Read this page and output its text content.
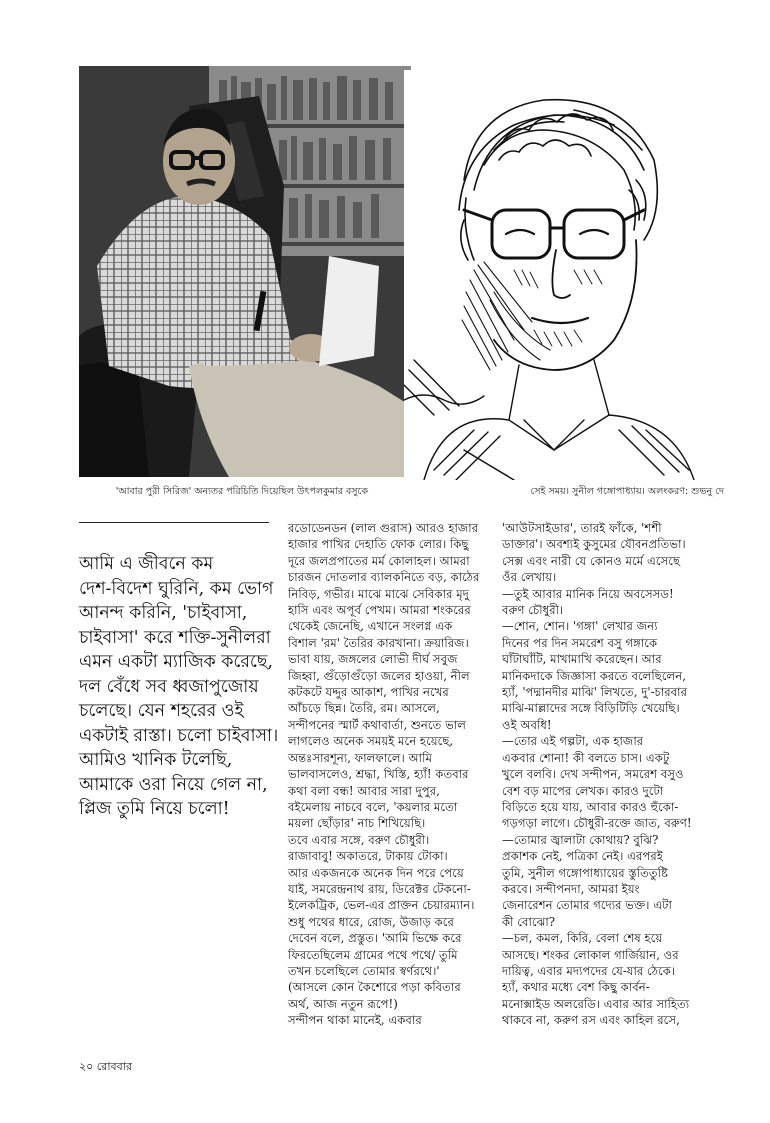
'আবার পুরী সিরিজ' অন্যতর পরিচিতি দিয়েছিল উৎপলকুমার বসুকে	সেই সময়। সুনীল গঙ্গোপাধ্যায়। অলংকরণ: শুভনু দে

আমি এ জীবনে কম

দেশ-বিদেশ ঘুরিনি, কম ভোগ

আনন্দ করিনি, 'চাইবাসা,

চাইবাসা' করে শক্তি-সুনীলরা

এমন একটা ম্যাজিক করেছে,

দল বেঁধে সব ধ্বজাপুজোয়

চলেছে। যেন শহরের ওই

একটাই রাস্তা। চলো চাইবাসা।

আমিও খানিক টলেছি,

আমাকে ওরা নিয়ে গেল না,

প্লিজ তুমি নিয়ে চলো!

রডোডেনডন (লাল গুরাস) আরও হাজার

হাজার পাখির দেহাতি ফোক লোর। কিছু

দূরে জলপ্রপাতের মর্ম কোলাহল। আমরা

চারজন দোতলার ব্যালকনিতে বড়, কাঠের

নিবিড়, গভীর। মাঝে মাঝে সেবিকার মৃদু

হাসি এবং অপূর্ব পেখম। আমরা শংকরের

থেকেই জেনেছি, এখানে সংলগ্ন এক

বিশাল 'রম' তৈরির কারখানা। ক্রয়ারিজ।

ভাবা যায়, জঙ্গলের লোভী দীর্ঘ সবুজ

জিহ্বা, গুঁড়োগুঁড়ো জলের হাওয়া, নীল

কটকটে যদ্দুর আকাশ, পাখির নখের

আঁচড়ে ছিন্ন। তৈরি, রম। আসলে,

সন্দীপনের স্মার্ট কথাবার্তা, শুনতে ভাল

লাগলেও অনেক সময়ই মনে হয়েছে,

অন্তঃসারশূন্য, ফালফালে। আমি

ভালবাসলেও, শ্রদ্ধা, খিস্তি, হ্যাঁ! কতবার

কথা বলা বন্ধ! আবার সারা দুপুর,

বইমেলায় নাচবে বলে, 'কয়লার মতো

ময়লা ছোঁড়ার' নাচ শিখিয়েছি।

তবে এবার সঙ্গে, বরুণ চৌধুরী।

রাজাবাবু! অকাতরে, টাকায় টোকা।

আর একজনকে অনেক দিন পরে পেয়ে

যাই, সমরেন্দ্রনাথ রায়, ডিরেক্টর টেকনো-

ইলেকট্রিক, ভেল-এর প্রাক্তন চেয়ারম্যান।

শুধু পথের ধারে, রোজ, উজাড় করে

দেবেন বলে, প্রস্তুত। 'আমি ভিক্ষে করে

ফিরতেছিলেম গ্রামের পথে পথে/ তুমি

তখন চলেছিলে তোমার স্বর্ণরথে।'

(আসলে কোন কৈশোরে পড়া কবিতার

অর্থ, আজ নতুন রূপে!)

সন্দীপন থাকা মানেই, একবার

'আউটসাইডার', তারই ফাঁকে, 'শশী

ডাক্তার'। অবশ্যই কুসুমের যৌবনপ্রতিভা।

সেক্স এবং নারী যে কোনও মর্মে এসেছে

ওঁর লেখায়।

—তুই আবার মানিক নিয়ে অবসেসড!

বরুণ চৌধুরী।

—শোন, শোন। 'গঙ্গা' লেখার জন্য

দিনের পর দিন সমরেশ বসু গঙ্গাকে

ঘাঁটাঘাঁটি, মাখামাখি করেছেন। আর

মানিকদাকে জিজ্ঞাসা করতে বলেছিলেন,

হ্যাঁ, 'পদ্মানদীর মাঝি' লিখতে, দু'-চারবার

মাঝি-মাল্লাদের সঙ্গে বিড়িটিড়ি খেয়েছি।

ওই অবধি!

—তোর এই গল্পটা, এক হাজার

একবার শোনা! কী বলতে চাস। একটু

খুলে বলবি। দেখ সন্দীপন, সমরেশ বসুও

বেশ বড় মাপের লেখক। কারও দুটো

বিড়িতে হয়ে যায়, আবার কারও হুঁকো-

গড়গড়া লাগে। চৌধুরী-রক্তে জাত, বরুণ!

—তোমার জ্বালাটা কোথায়? বুঝি?

প্রকাশক নেই, পত্রিকা নেই। এরপরই

তুমি, সুনীল গঙ্গোপাধ্যায়ের স্তুতিতুষ্টি

করবে। সন্দীপনদা, আমরা ইয়ং

জেনারেশন তোমার গদ্যের ভক্ত। এটা

কী বোঝো?

—চল, কমল, কিরি, বেলা শেষ হয়ে

আসছে। শংকর লোকাল গার্জিয়ান, ওর

দায়িত্ব, এবার মদ্যপদের যে-যার ঠেকে।

হ্যাঁ, কথার মধ্যে বেশ কিছু কার্বন-

মনোক্সাইড অলরেডি। এবার আর সাহিত্য

থাকবে না, করুণ রস এবং কাহিল রসে,

২০ রোববার
